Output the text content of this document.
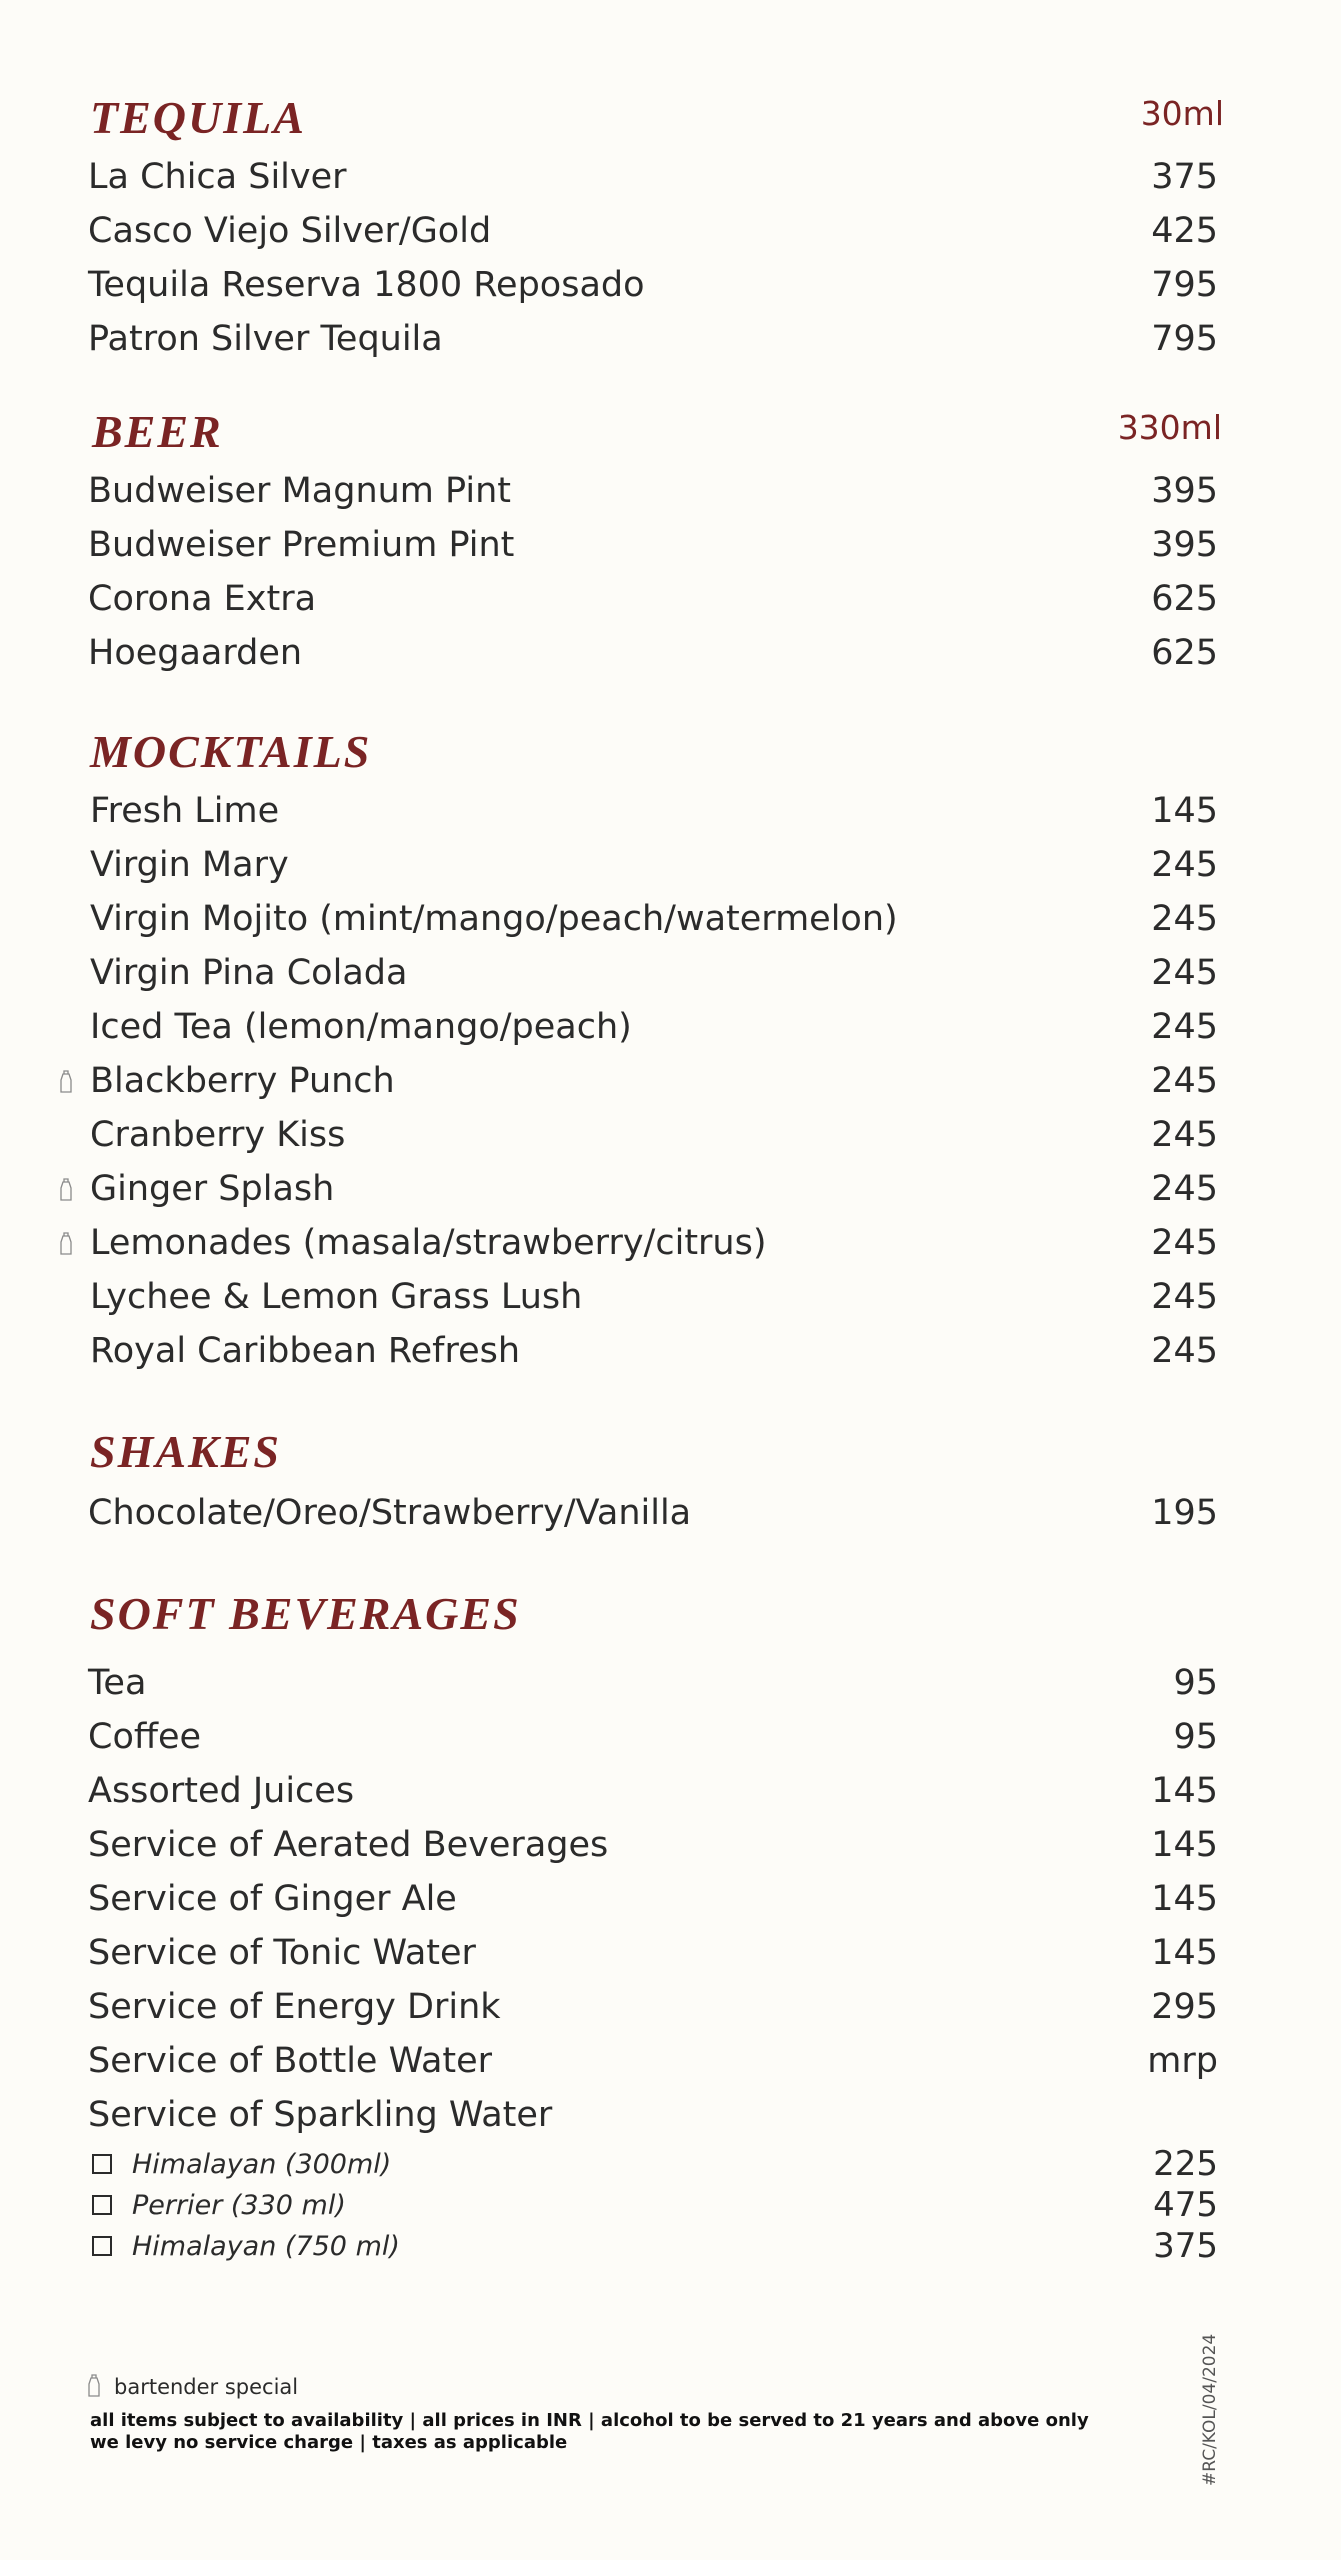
TEQUILA	30ml
La Chica Silver	375
Casco Viejo Silver/Gold	425
Tequila Reserva 1800 Reposado	795
Patron Silver Tequila	795
BEER	330ml
Budweiser Magnum Pint	395
Budweiser Premium Pint	395
Corona Extra	625
Hoegaarden	625
MOCKTAILS
Fresh Lime	145
Virgin Mary	245
Virgin Mojito (mint/mango/peach/watermelon)	245
Virgin Pina Colada	245
Iced Tea (lemon/mango/peach)	245
Blackberry Punch	245
Cranberry Kiss	245
Ginger Splash	245
Lemonades (masala/strawberry/citrus)	245
Lychee & Lemon Grass Lush	245
Royal Caribbean Refresh	245
SHAKES
Chocolate/Oreo/Strawberry/Vanilla	195
SOFT BEVERAGES
Tea	95
Coffee	95
Assorted Juices	145
Service of Aerated Beverages	145
Service of Ginger Ale	145
Service of Tonic Water	145
Service of Energy Drink	295
Service of Bottle Water	mrp
Service of Sparkling Water
Himalayan (300ml)	225
Perrier (330 ml)	475
Himalayan (750 ml)	375
bartender special
all items subject to availability | all prices in INR | alcohol to be served to 21 years and above only
we levy no service charge | taxes as applicable	#RC/KOL/04/2024
